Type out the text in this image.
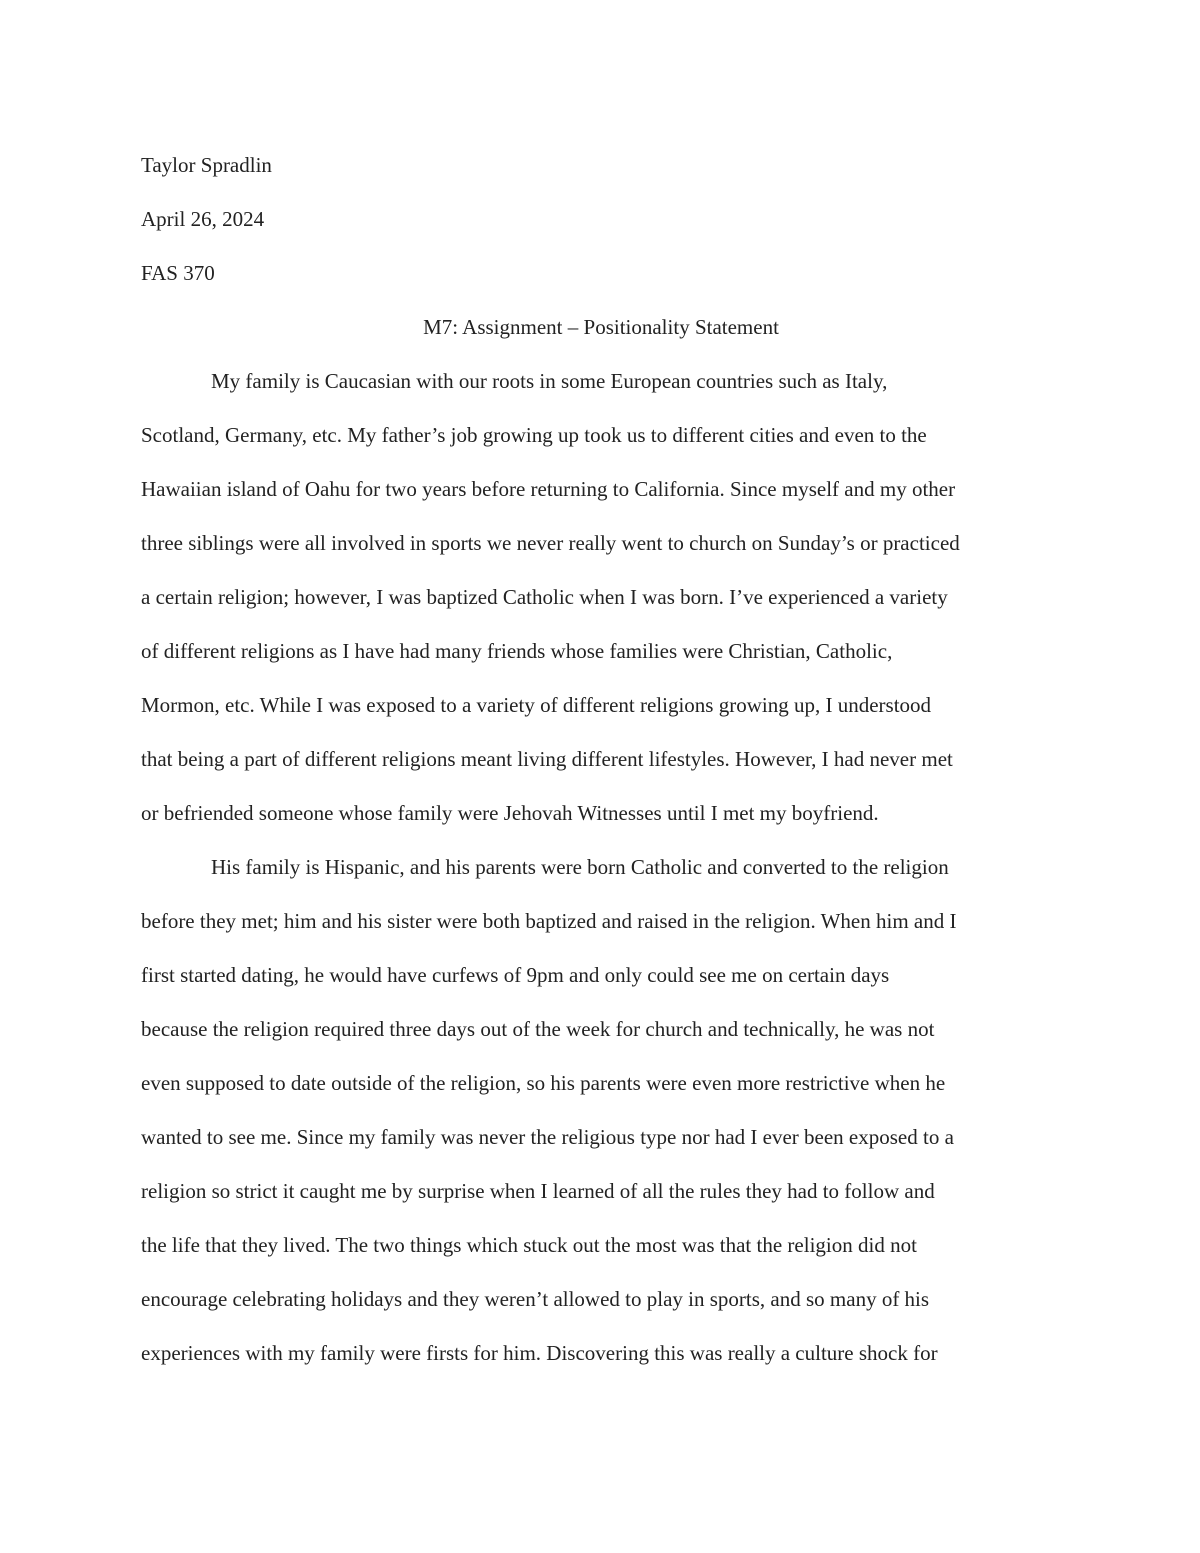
Taylor Spradlin

April 26, 2024

FAS 370

M7: Assignment – Positionality Statement

My family is Caucasian with our roots in some European countries such as Italy,
Scotland, Germany, etc. My father’s job growing up took us to different cities and even to the
Hawaiian island of Oahu for two years before returning to California. Since myself and my other
three siblings were all involved in sports we never really went to church on Sunday’s or practiced
a certain religion; however, I was baptized Catholic when I was born. I’ve experienced a variety
of different religions as I have had many friends whose families were Christian, Catholic,
Mormon, etc. While I was exposed to a variety of different religions growing up, I understood
that being a part of different religions meant living different lifestyles. However, I had never met
or befriended someone whose family were Jehovah Witnesses until I met my boyfriend.

His family is Hispanic, and his parents were born Catholic and converted to the religion
before they met; him and his sister were both baptized and raised in the religion. When him and I
first started dating, he would have curfews of 9pm and only could see me on certain days
because the religion required three days out of the week for church and technically, he was not
even supposed to date outside of the religion, so his parents were even more restrictive when he
wanted to see me. Since my family was never the religious type nor had I ever been exposed to a
religion so strict it caught me by surprise when I learned of all the rules they had to follow and
the life that they lived. The two things which stuck out the most was that the religion did not
encourage celebrating holidays and they weren’t allowed to play in sports, and so many of his
experiences with my family were firsts for him. Discovering this was really a culture shock for
